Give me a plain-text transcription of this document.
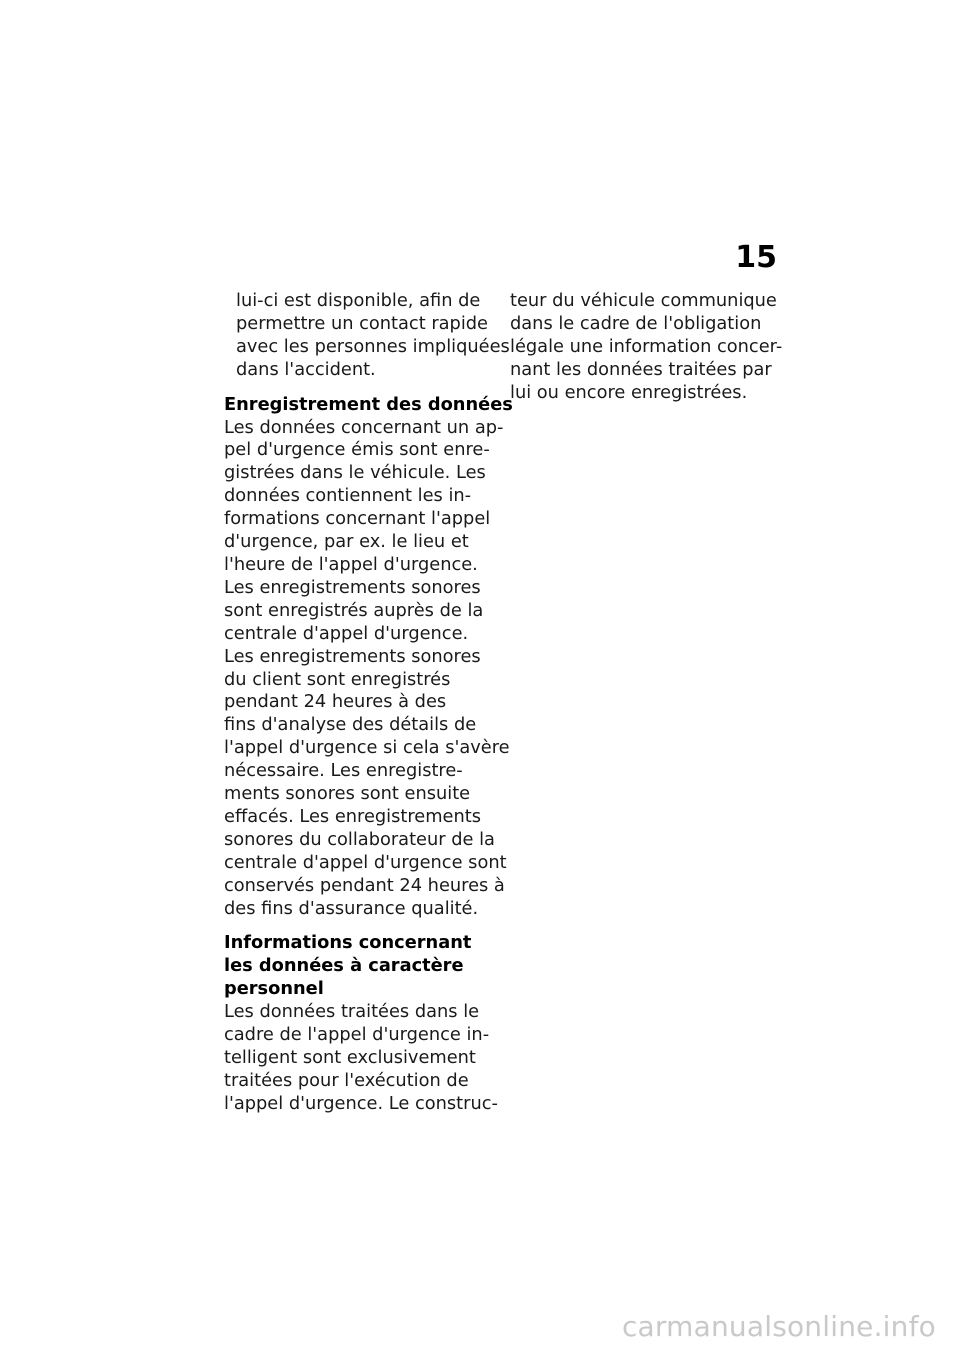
15
lui-ci est disponible, afin de
permettre un contact rapide
avec les personnes impliquées
dans l'accident.
Enregistrement des données
Les données concernant un ap-
pel d'urgence émis sont enre-
gistrées dans le véhicule. Les
données contiennent les in-
formations concernant l'appel
d'urgence, par ex. le lieu et
l'heure de l'appel d'urgence.
Les enregistrements sonores
sont enregistrés auprès de la
centrale d'appel d'urgence.
Les enregistrements sonores
du client sont enregistrés
pendant 24 heures à des
fins d'analyse des détails de
l'appel d'urgence si cela s'avère
nécessaire. Les enregistre-
ments sonores sont ensuite
effacés. Les enregistrements
sonores du collaborateur de la
centrale d'appel d'urgence sont
conservés pendant 24 heures à
des fins d'assurance qualité.
Informations concernant
les données à caractère
personnel
Les données traitées dans le
cadre de l'appel d'urgence in-
telligent sont exclusivement
traitées pour l'exécution de
l'appel d'urgence. Le construc-
teur du véhicule communique
dans le cadre de l'obligation
légale une information concer-
nant les données traitées par
lui ou encore enregistrées.
carmanualsonline.info
